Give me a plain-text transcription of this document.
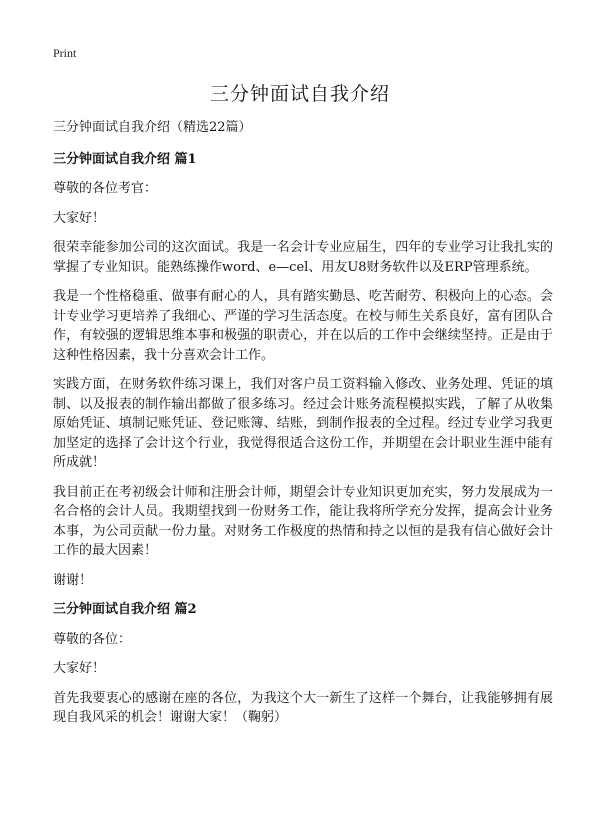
Print
三分钟面试自我介绍

三分钟面试自我介绍（精选22篇）

三分钟面试自我介绍 篇1

尊敬的各位考官：

大家好！

很荣幸能参加公司的这次面试。我是一名会计专业应届生，四年的专业学习让我扎实的掌握了专业知识。能熟练操作word、e—cel、用友U8财务软件以及ERP管理系统。

我是一个性格稳重、做事有耐心的人，具有踏实勤恳、吃苦耐劳、积极向上的心态。会计专业学习更培养了我细心、严谨的学习生活态度。在校与师生关系良好，富有团队合作，有较强的逻辑思维本事和极强的职责心，并在以后的工作中会继续坚持。正是由于这种性格因素，我十分喜欢会计工作。

实践方面，在财务软件练习课上，我们对客户员工资料输入修改、业务处理、凭证的填制、以及报表的制作输出都做了很多练习。经过会计账务流程模拟实践，了解了从收集原始凭证、填制记账凭证、登记账簿、结账，到制作报表的全过程。经过专业学习我更加坚定的选择了会计这个行业，我觉得很适合这份工作，并期望在会计职业生涯中能有所成就！

我目前正在考初级会计师和注册会计师，期望会计专业知识更加充实，努力发展成为一名合格的会计人员。我期望找到一份财务工作，能让我将所学充分发挥，提高会计业务本事，为公司贡献一份力量。对财务工作极度的热情和持之以恒的是我有信心做好会计工作的最大因素！

谢谢！

三分钟面试自我介绍 篇2

尊敬的各位：

大家好！

首先我要衷心的感谢在座的各位，为我这个大一新生了这样一个舞台，让我能够拥有展现自我风采的机会！谢谢大家！（鞠躬）
